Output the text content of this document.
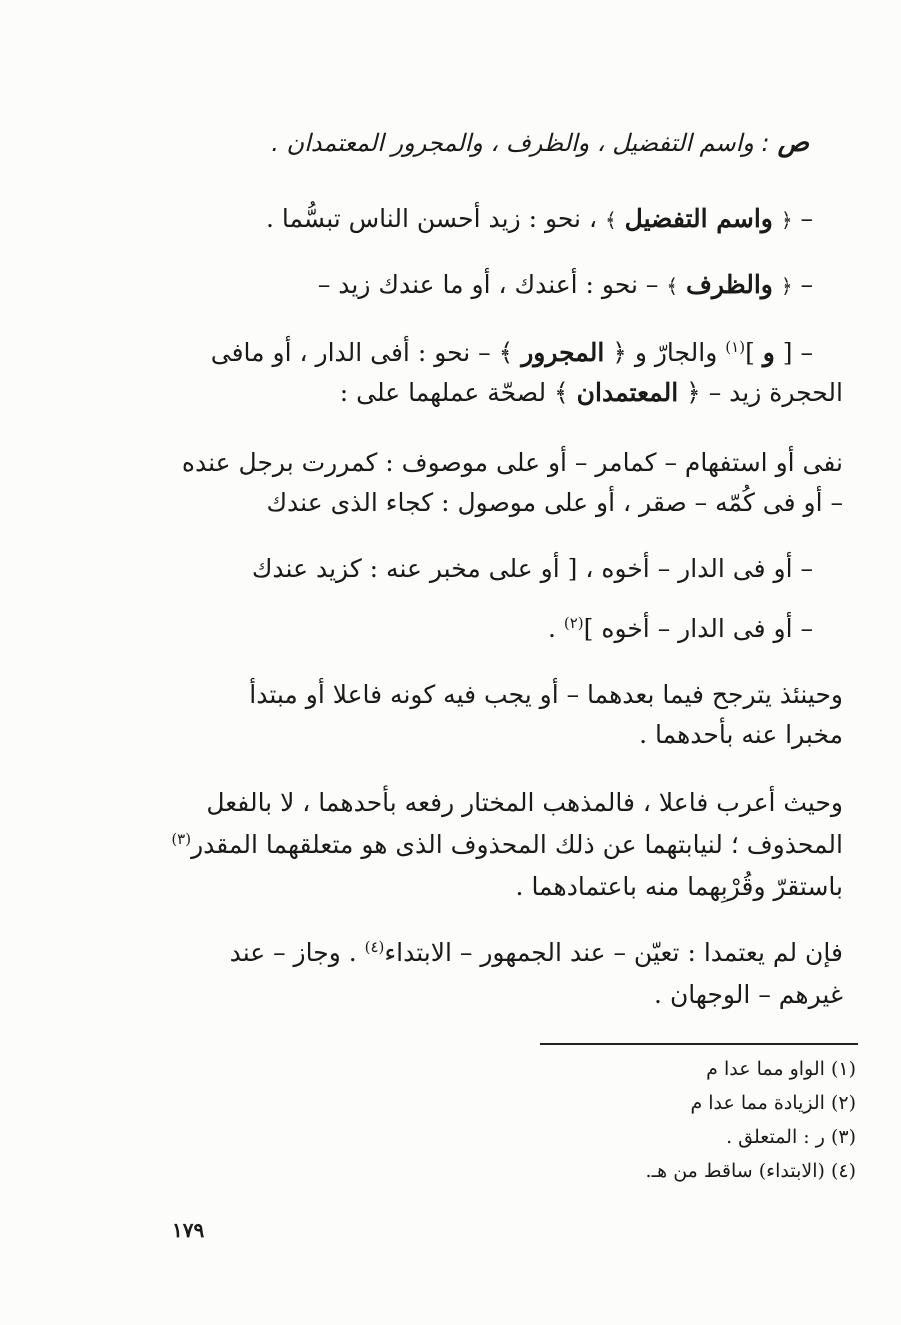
ص: واسم التفضيل ، والظرف ، والمجرور المعتمدان .
– ﴿ واسم التفضيل ﴾ ، نحو : زيد أحسن الناس تبسُّما .
– ﴿ والظرف ﴾ – نحو : أعندك ، أو ما عندك زيد –
– [ و ]$^{(١)}$ والجارّ و ﴿ المجرور ﴾ – نحو : أفى الدار ، أو مافى
الحجرة زيد – ﴿ المعتمدان ﴾ لصحّة عملهما على :
نفى أو استفهام – كمامر – أو على موصوف : كمررت برجل عنده
– أو فى كُمّه – صقر ، أو على موصول : كجاء الذى عندك
– أو فى الدار – أخوه ، [ أو على مخبر عنه : كزيد عندك
– أو فى الدار – أخوه ]$^{(٢)}$ .
وحينئذ يترجح فيما بعدهما – أو يجب فيه كونه فاعلا أو مبتدأ
مخبرا عنه بأحدهما .
وحيث أعرب فاعلا ، فالمذهب المختار رفعه بأحدهما ، لا بالفعل
المحذوف ؛ لنيابتهما عن ذلك المحذوف الذى هو متعلقهما المقدر$^{(٣)}$
باستقرّ وقُرْبِهما منه باعتمادهما .
فإن لم يعتمدا : تعيّن – عند الجمهور – الابتداء$^{(٤)}$ . وجاز – عند
غيرهم – الوجهان .
(١) الواو مما عدا م
(٢) الزيادة مما عدا م
(٣) ر : المتعلق .
(٤) (الابتداء) ساقط من هـ.
١٧٩
